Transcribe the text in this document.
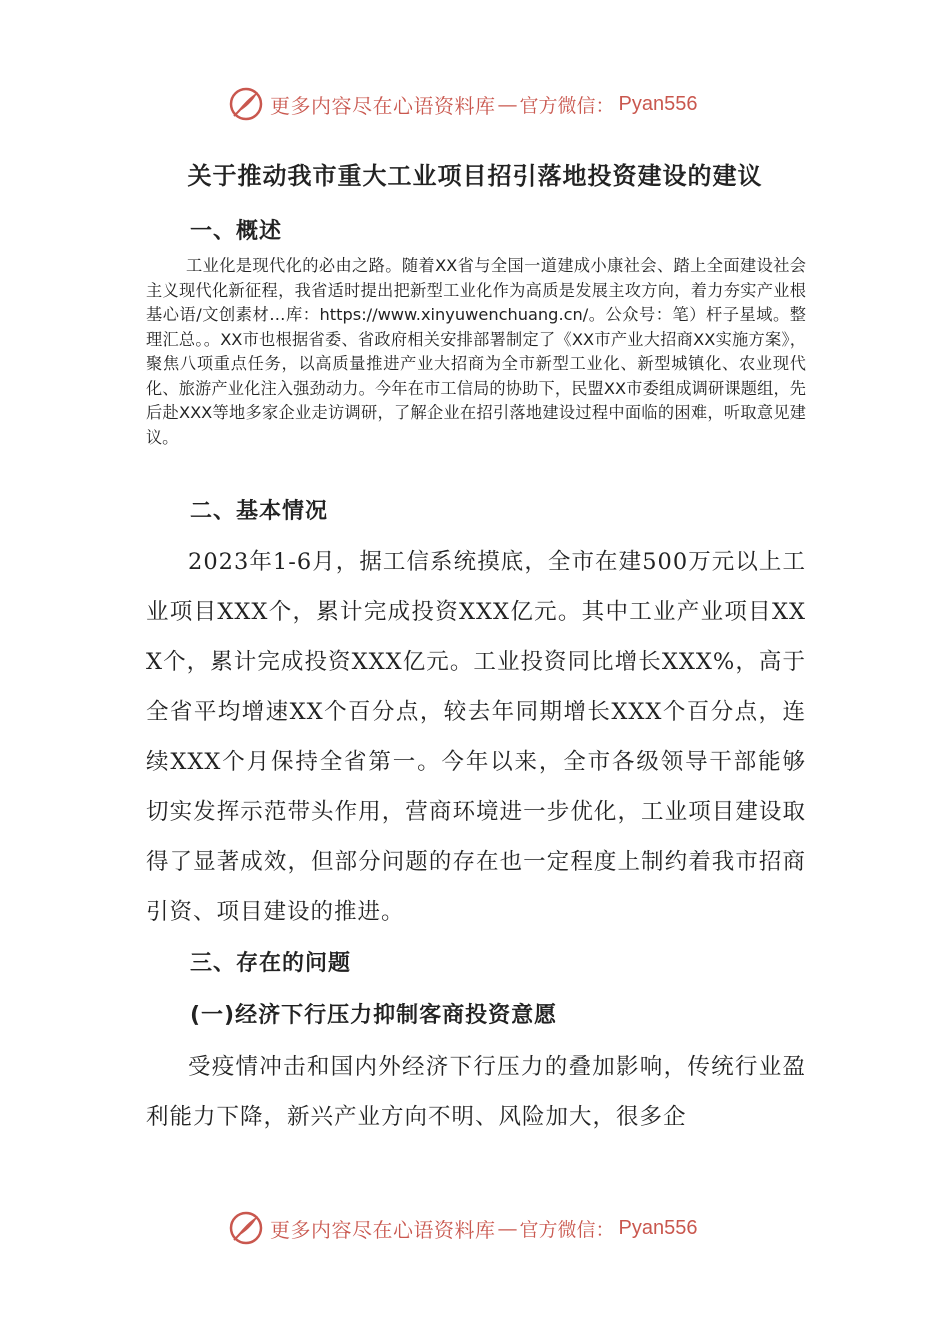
更多内容尽在心语资料库 — 官方微信： Pyan556
关于推动我市重大工业项目招引落地投资建设的建议
一、概述

工业化是现代化的必由之路。随着XX省与全国一道建成小康社会、踏上全面建设社会主义现代化新征程，我省适时提出把新型工业化作为高质是发展主攻方向，着力夯实产业根基心语/文创素材…库：https://www.xinyuwenchuang.cn/。公众号：笔）杆子星域。整理汇总。。XX市也根据省委、省政府相关安排部署制定了《XX市产业大招商XX实施方案》，聚焦八项重点任务，以高质量推进产业大招商为全市新型工业化、新型城镇化、农业现代化、旅游产业化注入强劲动力。今年在市工信局的协助下，民盟XX市委组成调研课题组，先后赴XXX等地多家企业走访调研，了解企业在招引落地建设过程中面临的困难，听取意见建议。

二、基本情况

2023年1-6月，据工信系统摸底，全市在建500万元以上工业项目XXX个，累计完成投资XXX亿元。其中工业产业项目XXX个，累计完成投资XXX亿元。工业投资同比增长XXX%，高于全省平均增速XX个百分点，较去年同期增长XXX个百分点，连续XXX个月保持全省第一。今年以来，全市各级领导干部能够切实发挥示范带头作用，营商环境进一步优化，工业项目建设取得了显著成效，但部分问题的存在也一定程度上制约着我市招商引资、项目建设的推进。

三、存在的问题
(一)经济下行压力抑制客商投资意愿

受疫情冲击和国内外经济下行压力的叠加影响，传统行业盈利能力下降，新兴产业方向不明、风险加大，很多企

更多内容尽在心语资料库 — 官方微信： Pyan556
